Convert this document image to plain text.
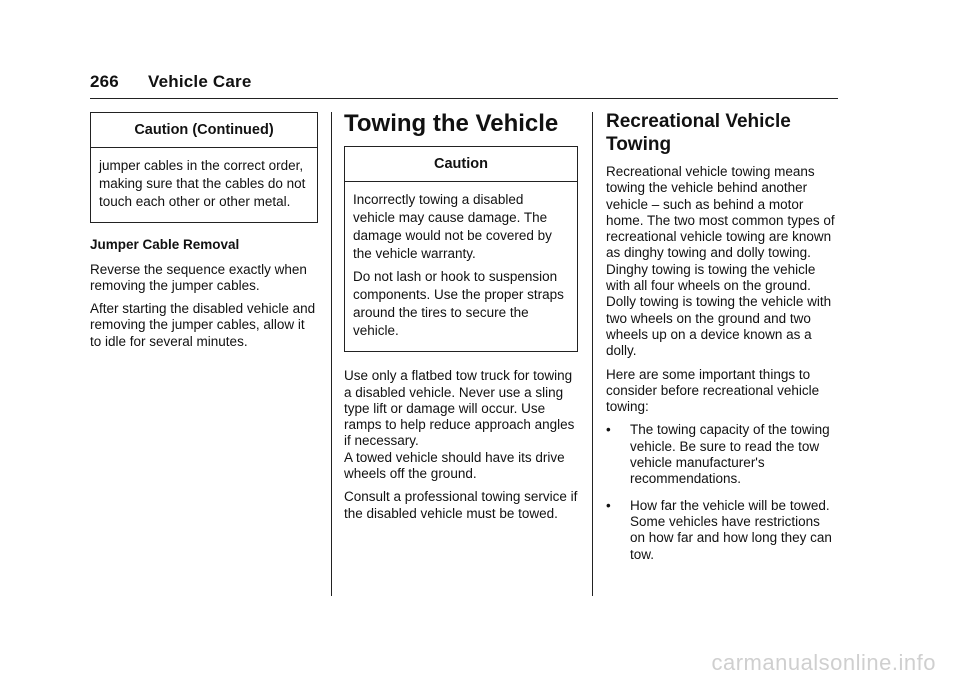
266 Vehicle Care
Caution (Continued)

jumper cables in the correct order, making sure that the cables do not touch each other or other metal.

Jumper Cable Removal

Reverse the sequence exactly when removing the jumper cables.

After starting the disabled vehicle and removing the jumper cables, allow it to idle for several minutes.

Towing the Vehicle
Caution

Incorrectly towing a disabled vehicle may cause damage. The damage would not be covered by the vehicle warranty.

Do not lash or hook to suspension components. Use the proper straps around the tires to secure the vehicle.

Use only a flatbed tow truck for towing a disabled vehicle. Never use a sling type lift or damage will occur. Use ramps to help reduce approach angles if necessary.

A towed vehicle should have its drive wheels off the ground.

Consult a professional towing service if the disabled vehicle must be towed.

Recreational Vehicle Towing

Recreational vehicle towing means towing the vehicle behind another vehicle – such as behind a motor home. The two most common types of recreational vehicle towing are known as dinghy towing and dolly towing. Dinghy towing is towing the vehicle with all four wheels on the ground. Dolly towing is towing the vehicle with two wheels on the ground and two wheels up on a device known as a dolly.

Here are some important things to consider before recreational vehicle towing:

• The towing capacity of the towing vehicle. Be sure to read the tow vehicle manufacturer's recommendations.
• How far the vehicle will be towed. Some vehicles have restrictions on how far and how long they can tow.
carmanualsonline.info
